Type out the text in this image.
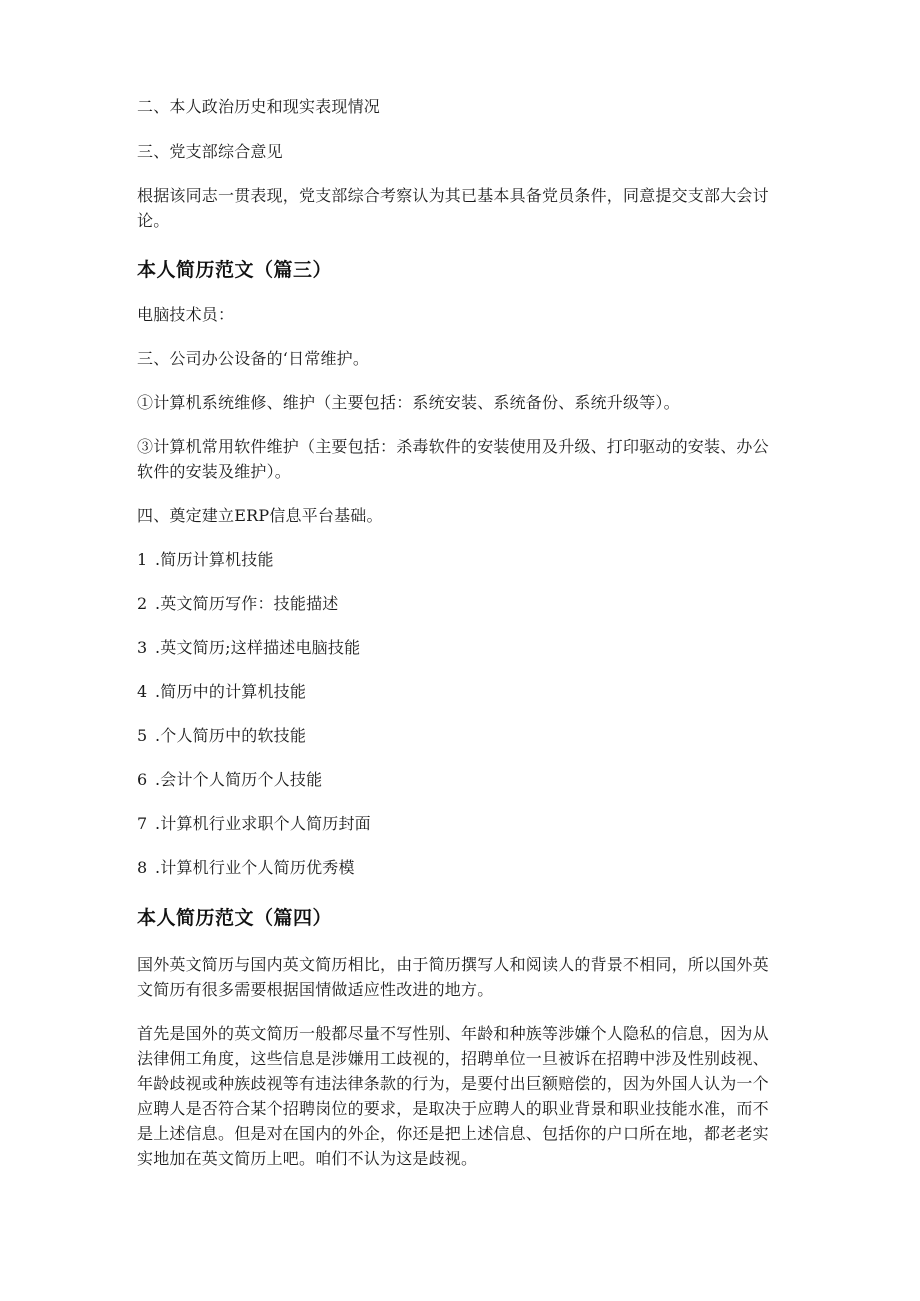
二、本人政治历史和现实表现情况

三、党支部综合意见

根据该同志一贯表现，党支部综合考察认为其已基本具备党员条件，同意提交支部大会讨论。

本人简历范文（篇三）

电脑技术员：

三、公司办公设备的‘日常维护。

①计算机系统维修、维护（主要包括：系统安装、系统备份、系统升级等）。

③计算机常用软件维护（主要包括：杀毒软件的安装使用及升级、打印驱动的安装、办公软件的安装及维护）。

四、奠定建立ERP信息平台基础。

1 .简历计算机技能

2 .英文简历写作：技能描述

3 .英文简历;这样描述电脑技能

4 .简历中的计算机技能

5 .个人简历中的软技能

6 .会计个人简历个人技能

7 .计算机行业求职个人简历封面

8 .计算机行业个人简历优秀模

本人简历范文（篇四）

国外英文简历与国内英文简历相比，由于简历撰写人和阅读人的背景不相同，所以国外英文简历有很多需要根据国情做适应性改进的地方。

首先是国外的英文简历一般都尽量不写性别、年龄和种族等涉嫌个人隐私的信息，因为从法律佣工角度，这些信息是涉嫌用工歧视的，招聘单位一旦被诉在招聘中涉及性别歧视、年龄歧视或种族歧视等有违法律条款的行为，是要付出巨额赔偿的，因为外国人认为一个应聘人是否符合某个招聘岗位的要求，是取决于应聘人的职业背景和职业技能水准，而不是上述信息。但是对在国内的外企，你还是把上述信息、包括你的户口所在地，都老老实实地加在英文简历上吧。咱们不认为这是歧视。
